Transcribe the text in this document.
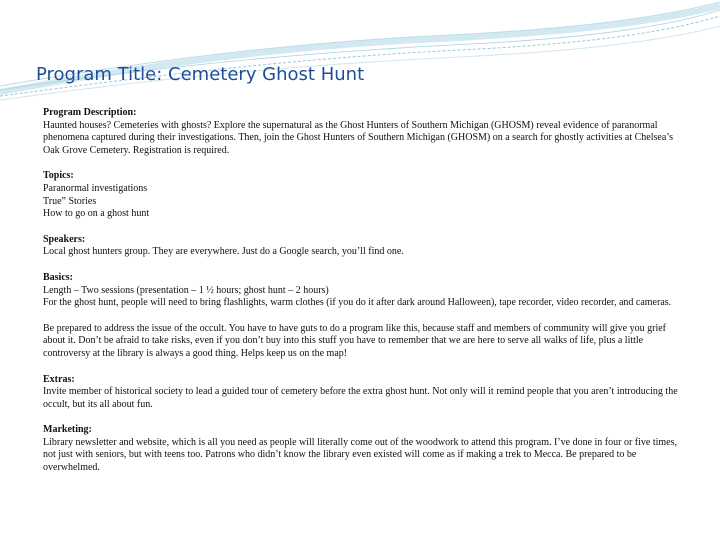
Program Title: Cemetery Ghost Hunt
Program Description:

Haunted houses? Cemeteries with ghosts? Explore the supernatural as the Ghost Hunters of Southern Michigan (GHOSM) reveal evidence of paranormal phenomena captured during their investigations. Then, join the Ghost Hunters of Southern Michigan (GHOSM) on a search for ghostly activities at Chelsea’s Oak Grove Cemetery. Registration is required.

Topics:
Paranormal investigations
True” Stories
How to go on a ghost hunt
Speakers:

Local ghost hunters group. They are everywhere. Just do a Google search, you’ll find one.

Basics:

Length – Two sessions (presentation – 1 ½ hours; ghost hunt – 2 hours)

For the ghost hunt, people will need to bring flashlights, warm clothes (if you do it after dark around Halloween), tape recorder, video recorder, and cameras.

Be prepared to address the issue of the occult. You have to have guts to do a program like this, because staff and members of community will give you grief about it. Don’t be afraid to take risks, even if you don’t buy into this stuff you have to remember that we are here to serve all walks of life, plus a little controversy at the library is always a good thing. Helps keep us on the map!

Extras:

Invite member of historical society to lead a guided tour of cemetery before the extra ghost hunt. Not only will it remind people that you aren’t introducing the occult, but its all about fun.

Marketing:

Library newsletter and website, which is all you need as people will literally come out of the woodwork to attend this program. I’ve done in four or five times, not just with seniors, but with teens too. Patrons who didn’t know the library even existed will come as if making a trek to Mecca. Be prepared to be overwhelmed.
